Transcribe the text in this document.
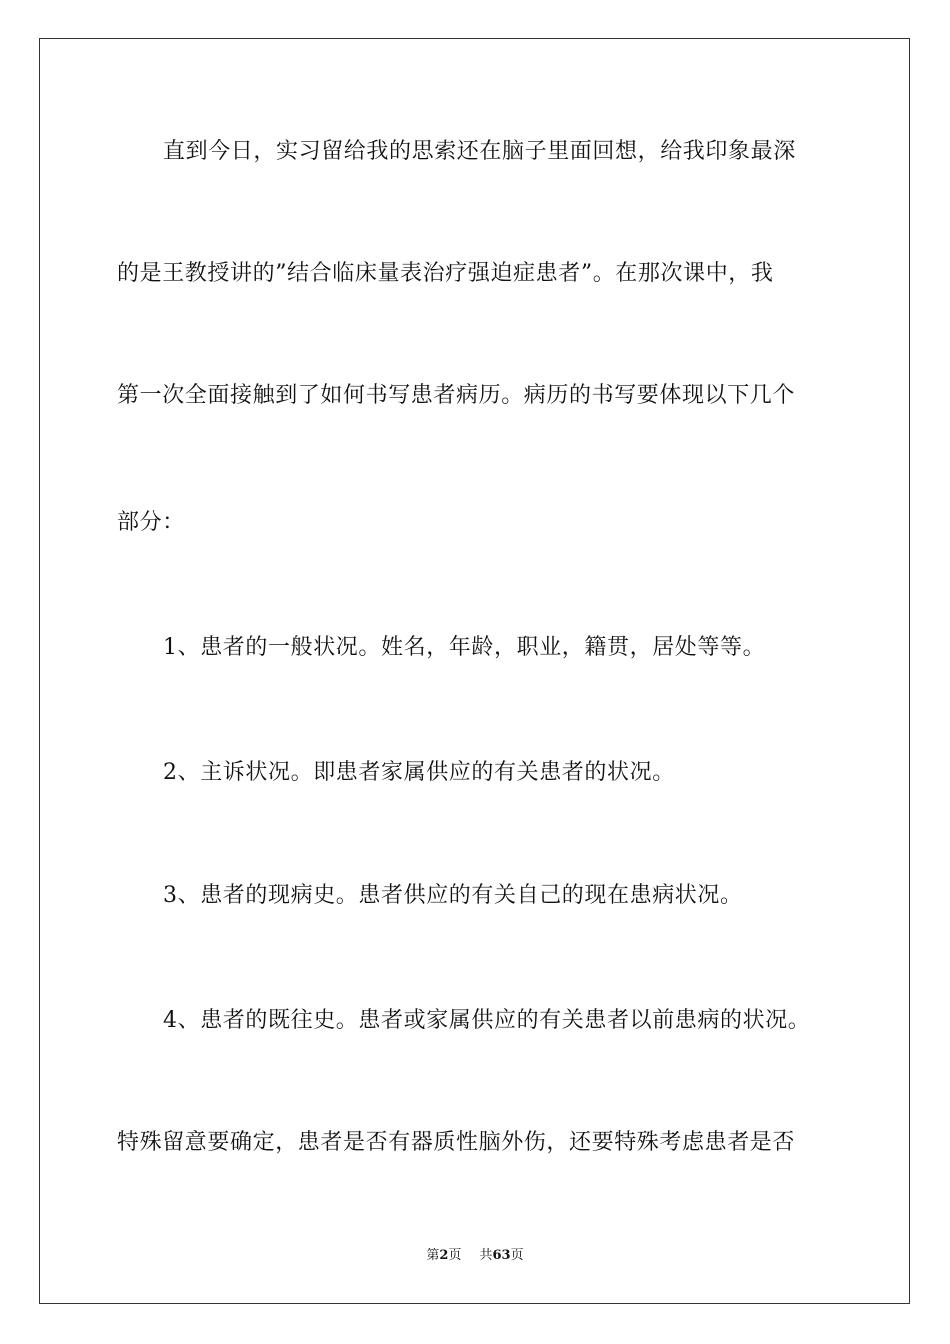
直到今日，实习留给我的思索还在脑子里面回想，给我印象最深
的是王教授讲的”结合临床量表治疗强迫症患者”。在那次课中，我
第一次全面接触到了如何书写患者病历。病历的书写要体现以下几个
部分：
1、患者的一般状况。姓名，年龄，职业，籍贯，居处等等。
2、主诉状况。即患者家属供应的有关患者的状况。
3、患者的现病史。患者供应的有关自己的现在患病状况。
4、患者的既往史。患者或家属供应的有关患者以前患病的状况。
特殊留意要确定，患者是否有器质性脑外伤，还要特殊考虑患者是否
第2页 共63页
